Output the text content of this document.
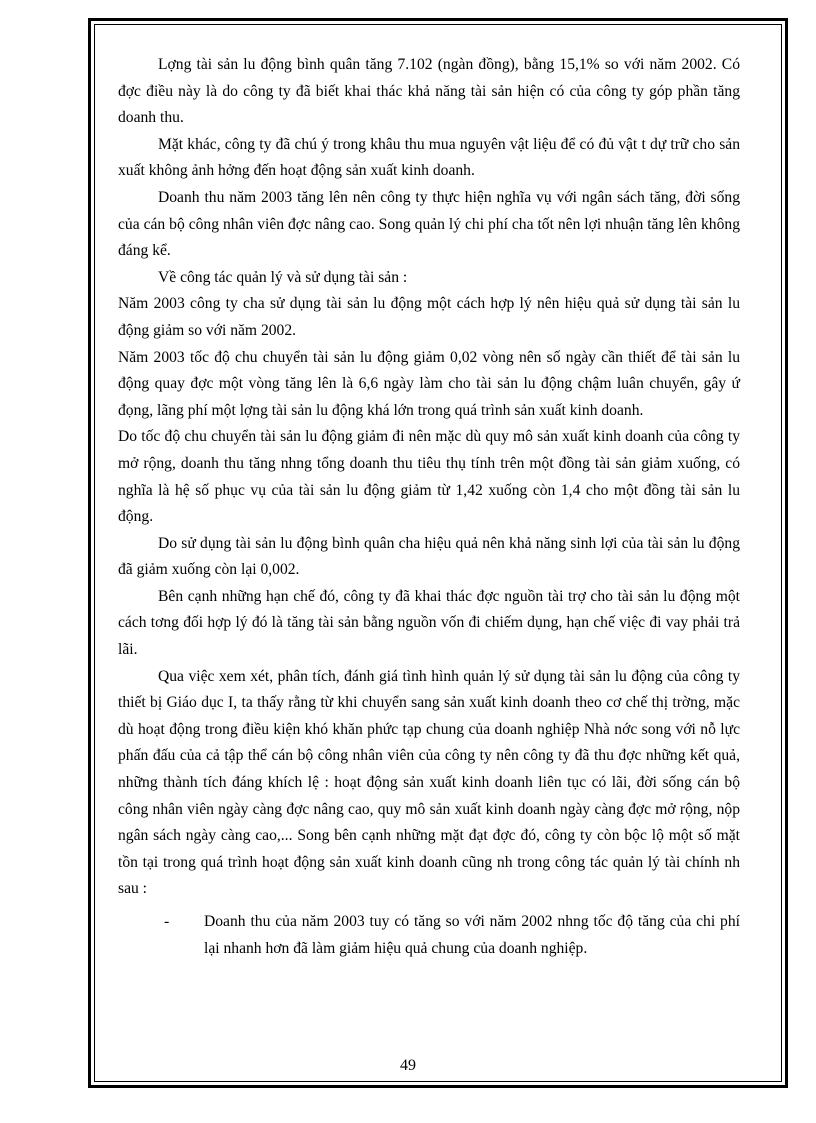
Lợng tài sản lu động bình quân tăng 7.102 (ngàn đồng), bằng 15,1% so với năm 2002. Có đợc điều này là do công ty đã biết khai thác khả năng tài sản hiện có của công ty góp phần tăng doanh thu.

Mặt khác, công ty đã chú ý trong khâu thu mua nguyên vật liệu để có đủ vật t dự trữ cho sản xuất không ảnh hởng đến hoạt động sản xuất kinh doanh.

Doanh thu năm 2003 tăng lên nên công ty thực hiện nghĩa vụ với ngân sách tăng, đời sống của cán bộ công nhân viên đợc nâng cao. Song quản lý chi phí cha tốt nên lợi nhuận tăng lên không đáng kể.

Về công tác quản lý và sử dụng tài sản :

Năm 2003 công ty cha sử dụng tài sản lu động một cách hợp lý nên hiệu quả sử dụng tài sản lu động giảm so với năm 2002.

Năm 2003 tốc độ chu chuyển tài sản lu động giảm 0,02 vòng nên số ngày cần thiết để tài sản lu động quay đợc một vòng tăng lên là 6,6 ngày làm cho tài sản lu động chậm luân chuyển, gây ứ đọng, lãng phí một lợng tài sản lu động khá lớn trong quá trình sản xuất kinh doanh.

Do tốc độ chu chuyển tài sản lu động giảm đi nên mặc dù quy mô sản xuất kinh doanh của công ty mở rộng, doanh thu tăng nhng tổng doanh thu tiêu thụ tính trên một đồng tài sản giảm xuống, có nghĩa là hệ số phục vụ của tài sản lu động giảm từ 1,42 xuống còn 1,4 cho một đồng tài sản lu động.

Do sử dụng tài sản lu động bình quân cha hiệu quả nên khả năng sinh lợi của tài sản lu động đã giảm xuống còn lại 0,002.

Bên cạnh những hạn chế đó, công ty đã khai thác đợc nguồn tài trợ cho tài sản lu động một cách tơng đối hợp lý đó là tăng tài sản bằng nguồn vốn đi chiếm dụng, hạn chế việc đi vay phải trả lãi.

Qua việc xem xét, phân tích, đánh giá tình hình quản lý sử dụng tài sản lu động của công ty thiết bị Giáo dục I, ta thấy rằng từ khi chuyển sang sản xuất kinh doanh theo cơ chế thị trờng, mặc dù hoạt động trong điều kiện khó khăn phức tạp chung của doanh nghiệp Nhà nớc song với nỗ lực phấn đấu của cả tập thể cán bộ công nhân viên của công ty nên công ty đã thu đợc những kết quả, những thành tích đáng khích lệ : hoạt động sản xuất kinh doanh liên tục có lãi, đời sống cán bộ công nhân viên ngày càng đợc nâng cao, quy mô sản xuất kinh doanh ngày càng đợc mở rộng, nộp ngân sách ngày càng cao,... Song bên cạnh những mặt đạt đợc đó, công ty còn bộc lộ một số mặt tồn tại trong quá trình hoạt động sản xuất kinh doanh cũng nh trong công tác quản lý tài chính nh sau :

-	Doanh thu của năm 2003 tuy có tăng so với năm 2002 nhng tốc độ tăng của chi phí lại nhanh hơn đã làm giảm hiệu quả chung của doanh nghiệp.
49
